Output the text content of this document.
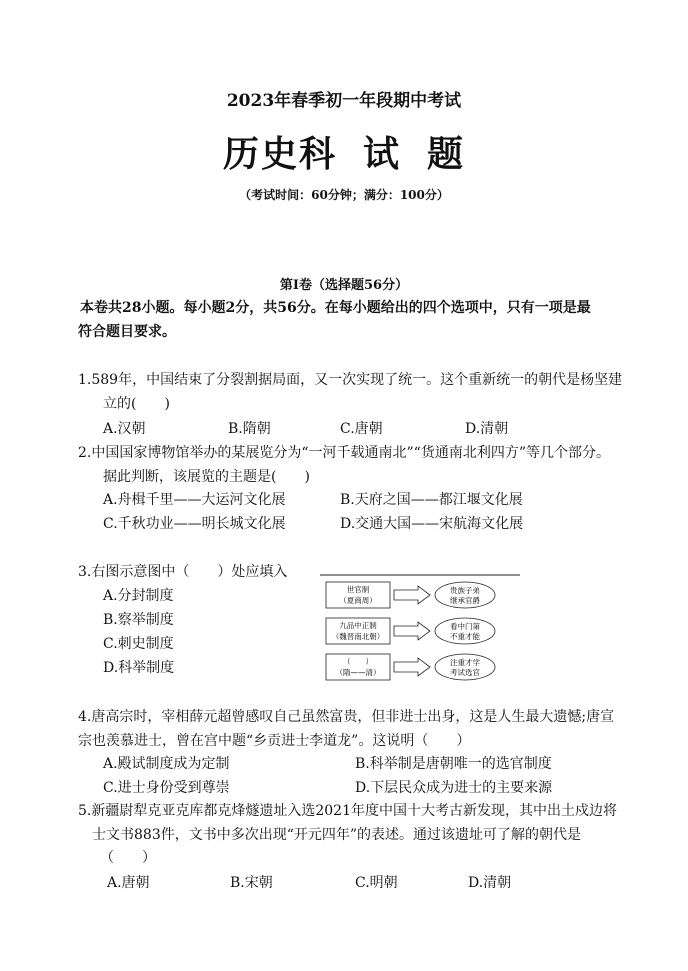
2023年春季初一年段期中考试
历史科 试 题
（考试时间：60分钟；满分：100分）
第Ⅰ卷（选择题56分）
本卷共28小题。每小题2分，共56分。在每小题给出的四个选项中，只有一项是最
符合题目要求。
1.589年，中国结束了分裂割据局面，又一次实现了统一。这个重新统一的朝代是杨坚建
立的(　　)
A.汉朝	B.隋朝	C.唐朝	D.清朝
2.中国国家博物馆举办的某展览分为“一河千载通南北”“货通南北利四方”等几个部分。
据此判断，该展览的主题是(　　)
A.舟楫千里——大运河文化展	B.天府之国——都江堰文化展
C.千秋功业——明长城文化展	D.交通大国——宋航海文化展
3.右图示意图中（　　）处应填入
A.分封制度
B.察举制度
C.刺史制度
D.科举制度
世官制
（夏商周）
贵族子弟
继承官爵
九品中正制
（魏晋南北朝）
看中门第
不重才能
（　　）
（隋——清）
注重才学
考试选官
4.唐高宗时，宰相薛元超曾感叹自己虽然富贵，但非进士出身，这是人生最大遗憾;唐宣
宗也羡慕进士，曾在宫中题“乡贡进士李道龙”。这说明（　　）
A.殿试制度成为定制	B.科举制是唐朝唯一的选官制度
C.进士身份受到尊崇	D.下层民众成为进士的主要来源
5.新疆尉犁克亚克库都克烽燧遗址入选2021年度中国十大考古新发现，其中出土戍边将
士文书883件，文书中多次出现“开元四年”的表述。通过该遗址可了解的朝代是
（　　）
A.唐朝	B.宋朝	C.明朝	D.清朝
